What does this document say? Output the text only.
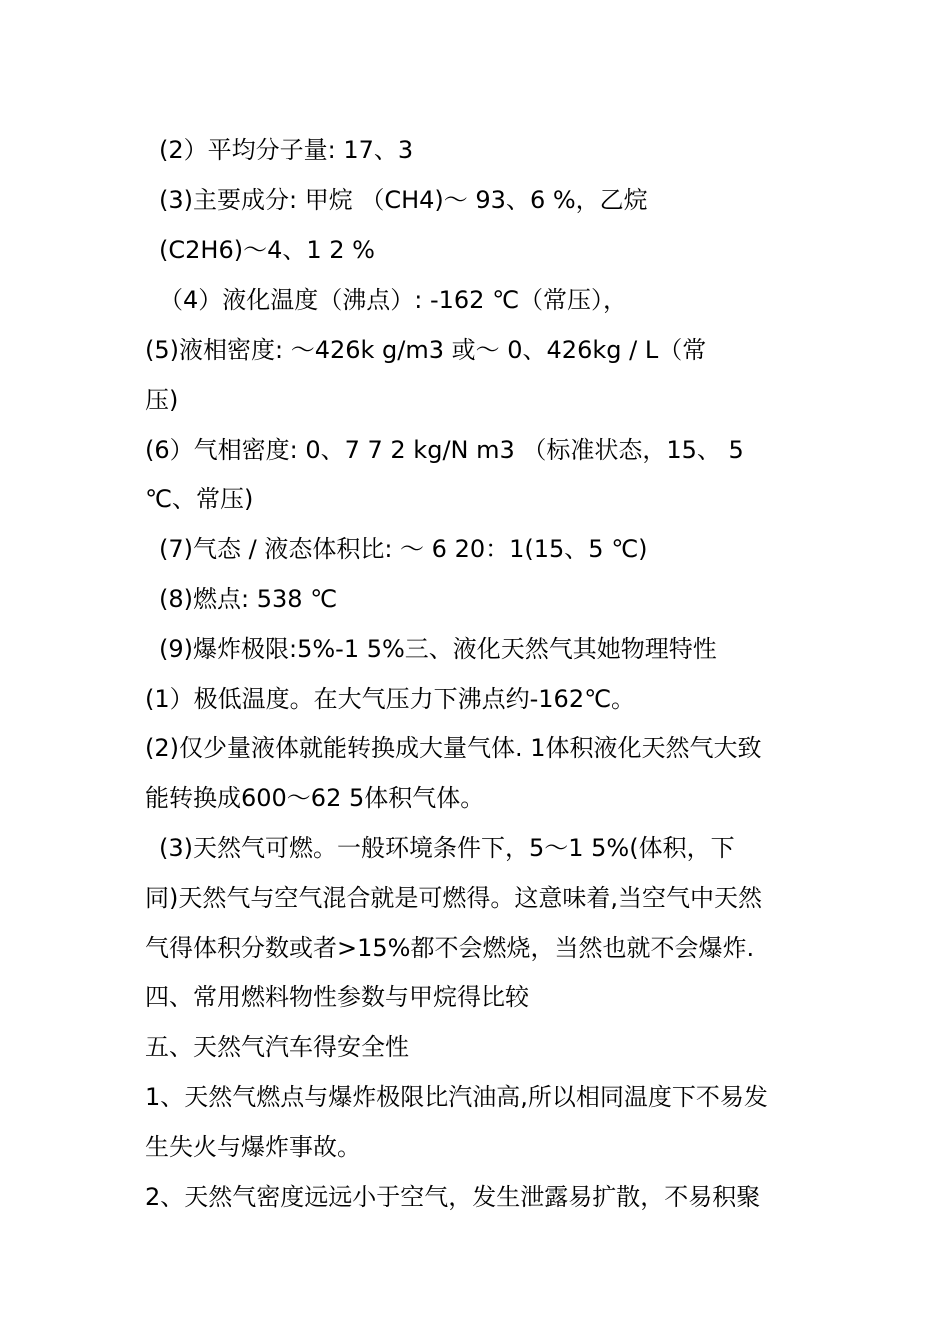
(2）平均分子量: 17、3
(3)主要成分: 甲烷 （CH4)～ 93、6 %，乙烷
(C2H6)～4、1 2 %
（4）液化温度（沸点）: -162 ℃（常压），
(5)液相密度: ～426k g/m3 或～ 0、426kg / L（常
压)
(6）气相密度: 0、7 7 2 kg/N m3 （标准状态，15、 5
℃、常压)
(7)气态 / 液态体积比: ～ 6 20：1(15、5 ℃)
(8)燃点: 538 ℃
(9)爆炸极限:5%-1 5%三、液化天然气其她物理特性
(1）极低温度。在大气压力下沸点约-162℃。
(2)仅少量液体就能转换成大量气体. 1体积液化天然气大致
能转换成600～62 5体积气体。
(3)天然气可燃。一般环境条件下，5～1 5%(体积，下
同)天然气与空气混合就是可燃得。这意味着,当空气中天然
气得体积分数或者>15%都不会燃烧，当然也就不会爆炸.
四、常用燃料物性参数与甲烷得比较
五、天然气汽车得安全性
1、天然气燃点与爆炸极限比汽油高,所以相同温度下不易发
生失火与爆炸事故。
2、天然气密度远远小于空气，发生泄露易扩散，不易积聚
